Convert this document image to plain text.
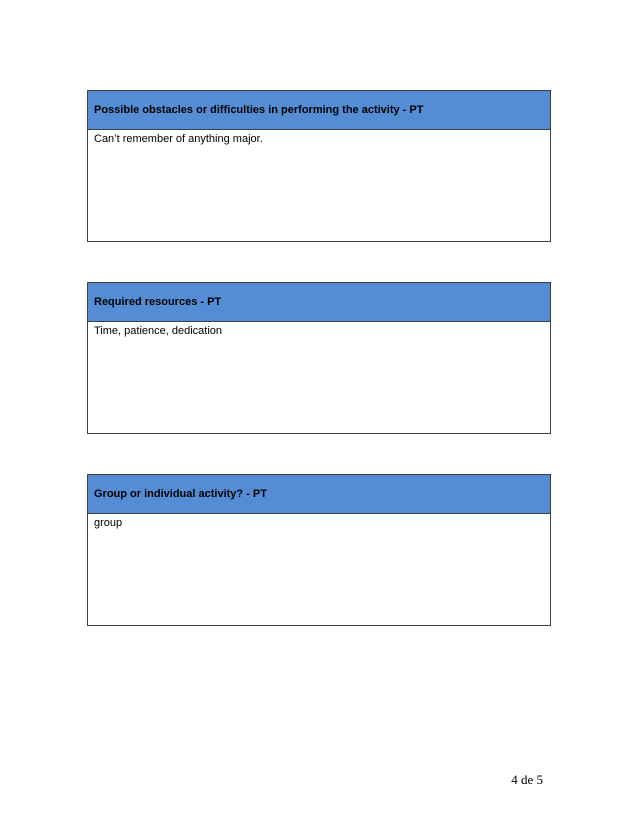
Possible obstacles or difficulties in performing the activity - PT
Can’t remember of anything major.
Required resources - PT
Time, patience, dedication
Group or individual activity? - PT
group
4 de 5
